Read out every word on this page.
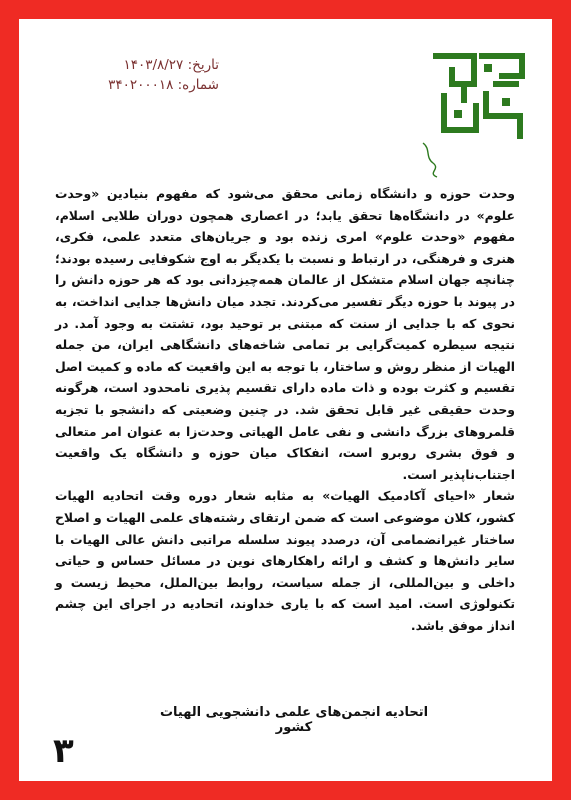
تاریخ: ۱۴۰۳/۸/۲۷
شماره: ۳۴۰۲۰۰۰۱۸

وحدت حوزه و دانشگاه زمانی محقق می‌شود که مفهوم بنیادین «وحدت علوم» در دانشگاه‌ها تحقق یابد؛ در اعصاری همچون دوران طلایی اسلام، مفهوم «وحدت علوم» امری زنده بود و جریان‌های متعدد علمی، فکری، هنری و فرهنگی، در ارتباط و نسبت با یکدیگر به اوج شکوفایی رسیده بودند؛ چنانچه جهان اسلام متشکل از عالمان همه‌چیزدانی بود که هر حوزه دانش را در پیوند با حوزه دیگر تفسیر می‌کردند. تجدد میان دانش‌ها جدایی انداخت، به نحوی که با جدایی از سنت که مبتنی بر توحید بود، تشتت به وجود آمد. در نتیجه سیطره کمیت‌گرایی بر تمامی شاخه‌های دانشگاهی ایران، من جمله الهیات از منظر روش و ساختار، با توجه به این واقعیت که ماده و کمیت اصل تقسیم و کثرت بوده و ذات ماده دارای تقسیم پذیری نامحدود است، هرگونه وحدت حقیقی غیر قابل تحقق شد. در چنین وضعیتی که دانشجو با تجزیه قلمروهای بزرگ دانشی و نفی عامل الهیاتی وحدت‌زا به عنوان امر متعالی و فوق بشری روبرو است، انفکاک میان حوزه و دانشگاه یک واقعیت اجتناب‌ناپذیر است.

شعار «احیای آکادمیک الهیات» به مثابه شعار دوره وقت اتحادیه الهیات کشور، کلان موضوعی است که ضمن ارتقای رشته‌های علمی الهیات و اصلاح ساختار غیرانضمامی آن، درصدد پیوند سلسله مراتبی دانش عالی الهیات با سایر دانش‌ها و کشف و ارائه راهکارهای نوین در مسائل حساس و حیاتی داخلی و بین‌المللی، از جمله سیاست، روابط بین‌الملل، محیط زیست و تکنولوژی است. امید است که با یاری خداوند، اتحادیه در اجرای این چشم انداز موفق باشد.

اتحادیه انجمن‌های علمی دانشجویی الهیات کشور
۳
